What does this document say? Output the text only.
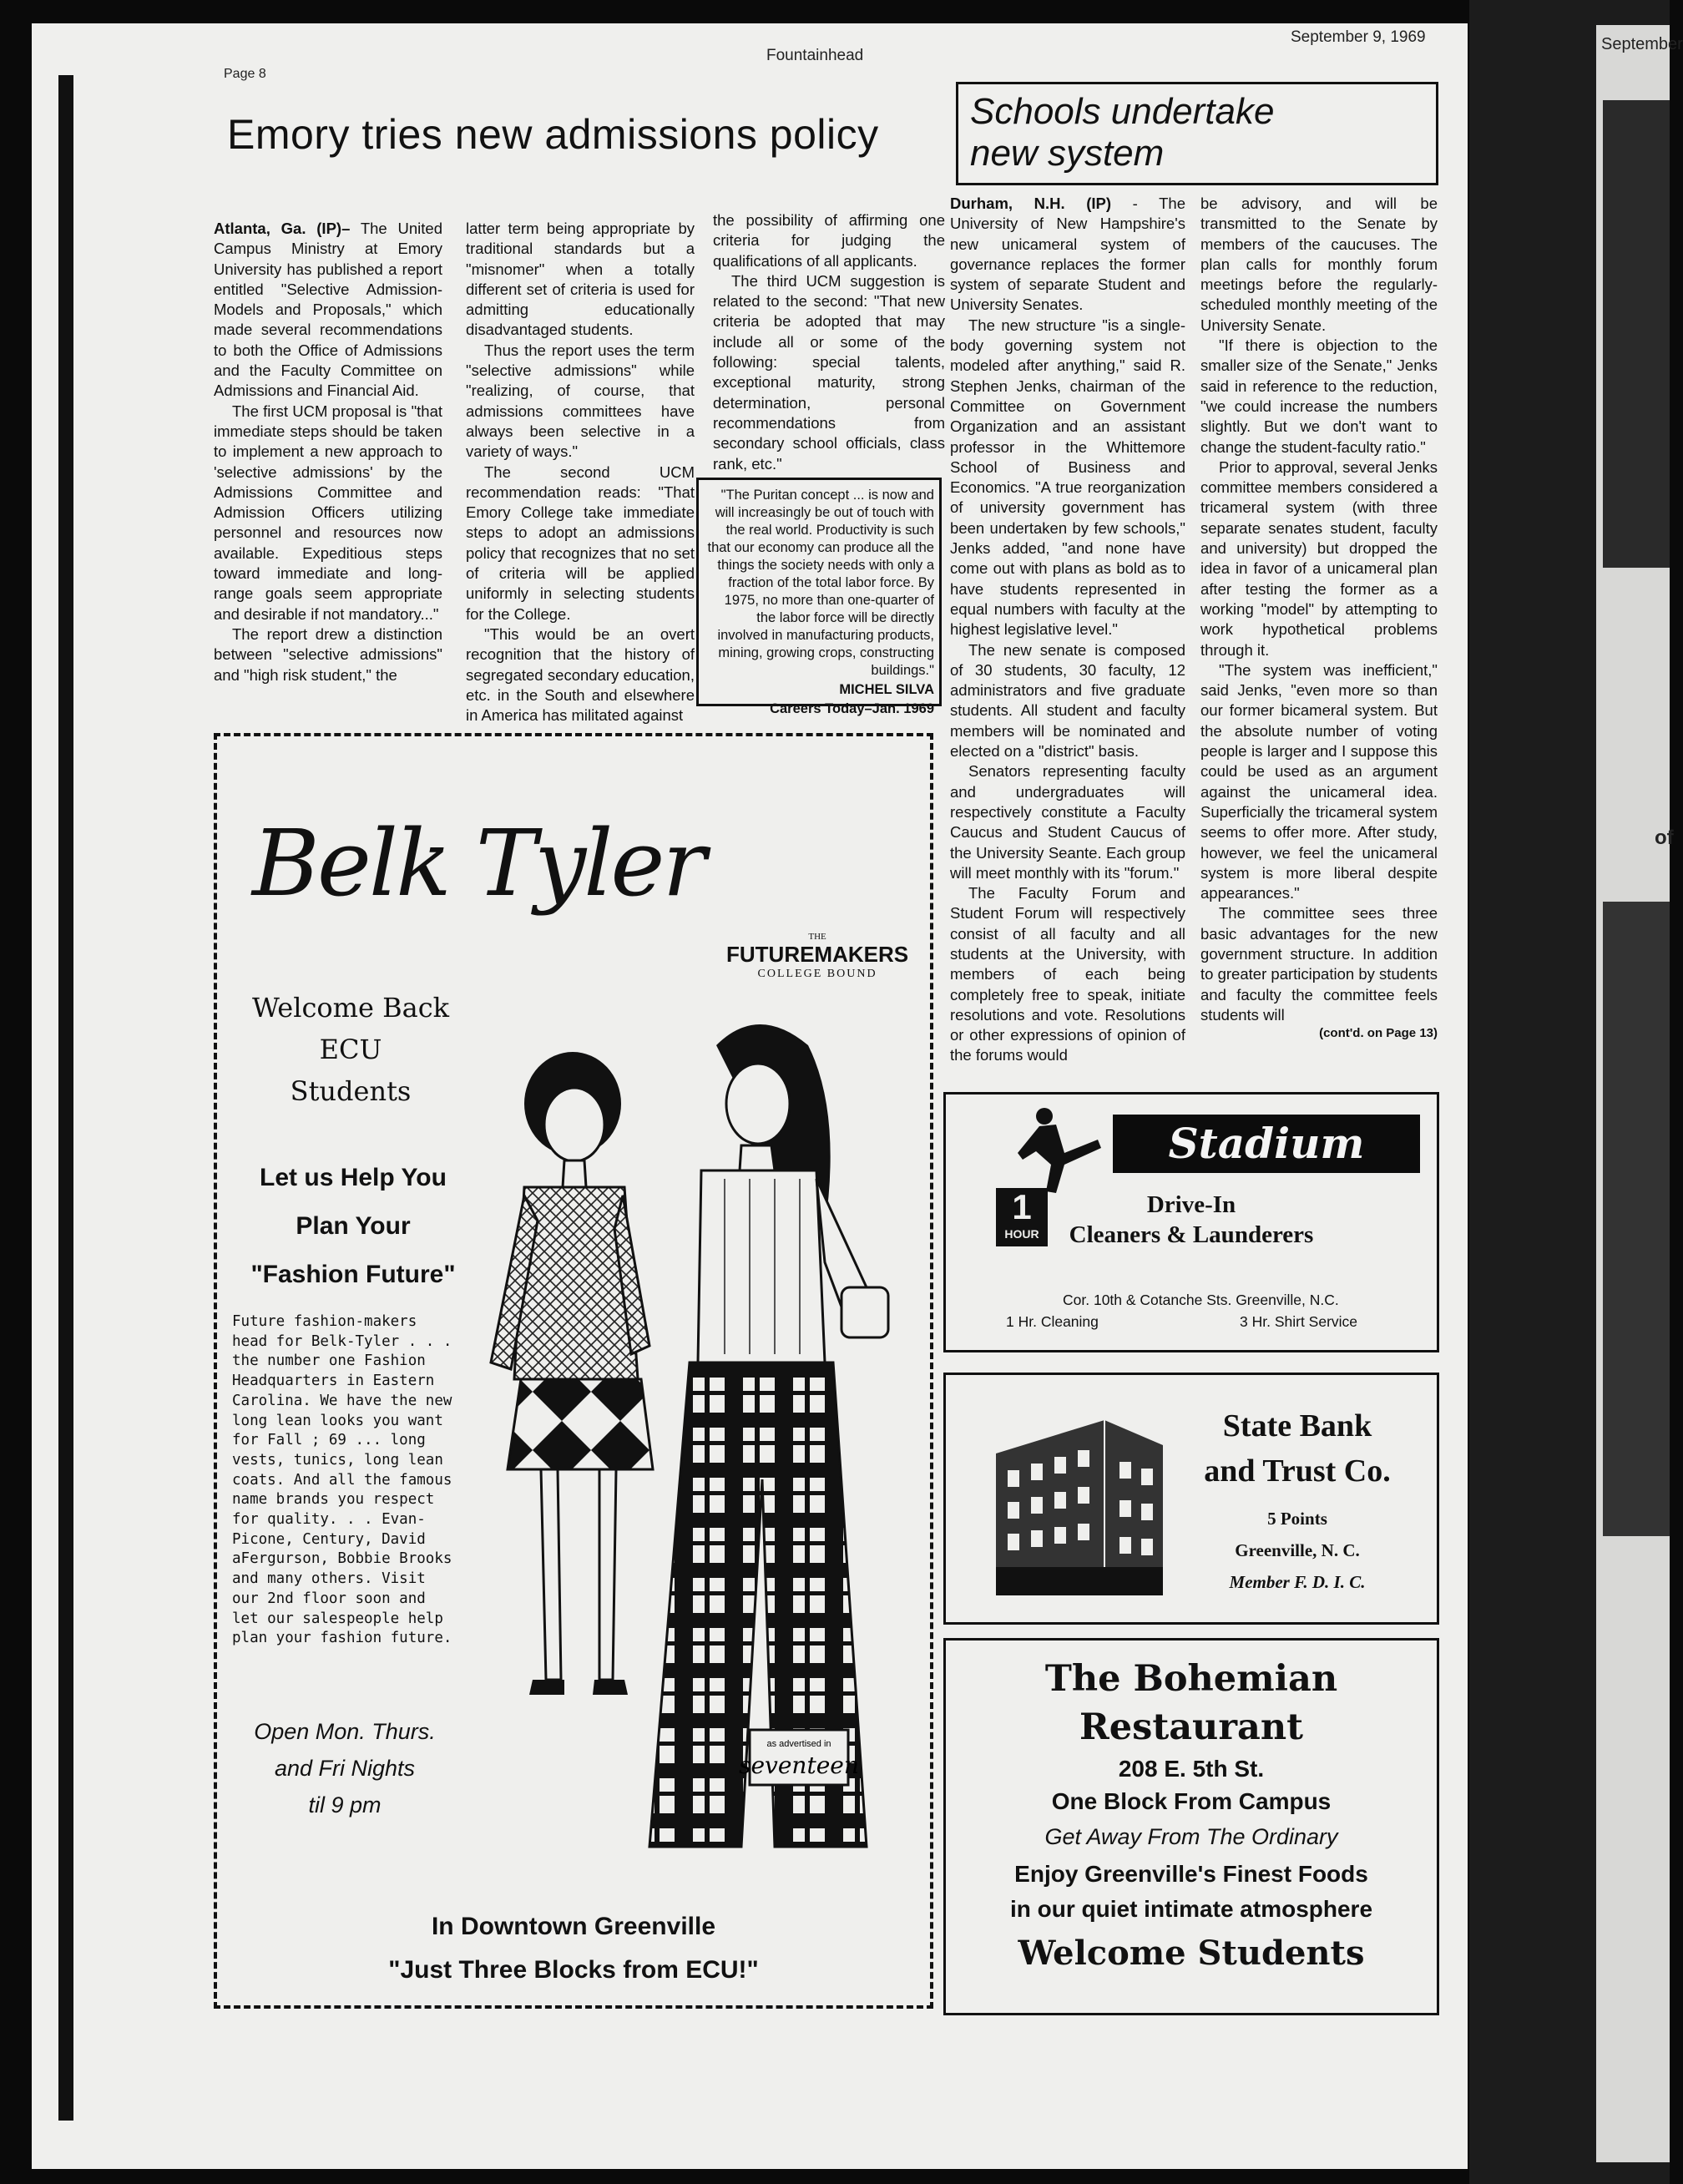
September
of
Page 8
Fountainhead
September 9, 1969
Emory tries new admissions policy

Atlanta, Ga. (IP)– The United Campus Ministry at Emory University has published a report entitled "Selective Admission-Models and Proposals," which made several recommendations to both the Office of Admissions and the Faculty Committee on Admissions and Financial Aid.

The first UCM proposal is "that immediate steps should be taken to implement a new approach to 'selective admissions' by the Admissions Committee and Admission Officers utilizing personnel and resources now available. Expeditious steps toward immediate and long-range goals seem appropriate and desirable if not mandatory..."

The report drew a distinction between "selective admissions" and "high risk student," the

latter term being appropriate by traditional standards but a "misnomer" when a totally different set of criteria is used for admitting educationally disadvantaged students.

Thus the report uses the term "selective admissions" while "realizing, of course, that admissions committees have always been selective in a variety of ways."

The second UCM recommendation reads: "That Emory College take immediate steps to adopt an admissions policy that recognizes that no set of criteria will be applied uniformly in selecting students for the College.

"This would be an overt recognition that the history of segregated secondary education, etc. in the South and elsewhere in America has militated against

the possibility of affirming one criteria for judging the qualifications of all applicants.

The third UCM suggestion is related to the second: "That new criteria be adopted that may include all or some of the following: special talents, exceptional maturity, strong determination, personal recommendations from secondary school officials, class rank, etc."

"The Puritan concept ... is now and will increasingly be out of touch with the real world. Productivity is such that our economy can produce all the things the society needs with only a fraction of the total labor force. By 1975, no more than one-quarter of the labor force will be directly involved in manufacturing products, mining, growing crops, constructing buildings."
MICHEL SILVA
Careers Today–Jan. 1969
Schools undertake
new system

Durham, N.H. (IP) - The University of New Hampshire's new unicameral system of governance replaces the former system of separate Student and University Senates.

The new structure "is a single-body governing system not modeled after anything," said R. Stephen Jenks, chairman of the Committee on Government Organization and an assistant professor in the Whittemore School of Business and Economics. "A true reorganization of university government has been undertaken by few schools," Jenks added, "and none have come out with plans as bold as to have students represented in equal numbers with faculty at the highest legislative level."

The new senate is composed of 30 students, 30 faculty, 12 administrators and five graduate students. All student and faculty members will be nominated and elected on a "district" basis.

Senators representing faculty and undergraduates will respectively constitute a Faculty Caucus and Student Caucus of the University Seante. Each group will meet monthly with its "forum."

The Faculty Forum and Student Forum will respectively consist of all faculty and all students at the University, with members of each being completely free to speak, initiate resolutions and vote. Resolutions or other expressions of opinion of the forums would

be advisory, and will be transmitted to the Senate by members of the caucuses. The plan calls for monthly forum meetings before the regularly-scheduled monthly meeting of the University Senate.

"If there is objection to the smaller size of the Senate," Jenks said in reference to the reduction, "we could increase the numbers slightly. But we don't want to change the student-faculty ratio."

Prior to approval, several Jenks committee members considered a tricameral system (with three separate senates student, faculty and university) but dropped the idea in favor of a unicameral plan after testing the former as a working "model" by attempting to work hypothetical problems through it.

"The system was inefficient," said Jenks, "even more so than our former bicameral system. But the absolute number of voting people is larger and I suppose this could be used as an argument against the unicameral idea. Superficially the tricameral system seems to offer more. After study, however, we feel the unicameral system is more liberal despite appearances."

The committee sees three basic advantages for the new government structure. In addition to greater participation by students and faculty the committee feels students will

(cont'd. on Page 13)
Belk Tyler
THE
FUTUREMAKERS
COLLEGE BOUND
Welcome Back
ECU
Students
Let us Help You
Plan Your
"Fashion Future"
Future fashion-makers head for Belk-Tyler . . . the number one Fashion Headquarters in Eastern Carolina. We have the new long lean looks you want for Fall ; 69 ... long vests, tunics, long lean coats. And all the famous name brands you respect for quality. . . Evan-Picone, Century, David aFergurson, Bobbie Brooks and many others. Visit our 2nd floor soon and let our salespeople help plan your fashion future.
Open Mon. Thurs.
and Fri Nights
til 9 pm
as advertised in
seventeen
In Downtown Greenville
"Just Three Blocks from ECU!"
Stadium
1
HOUR
Drive-In
Cleaners & Launderers
Cor. 10th & Cotanche Sts. Greenville, N.C.
1 Hr. Cleaning	3 Hr. Shirt Service
State Bank
and Trust Co.
5 Points
Greenville, N. C.
Member F. D. I. C.
The Bohemian
Restaurant
208 E. 5th St.
One Block From Campus
Get Away From The Ordinary
Enjoy Greenville's Finest Foods
in our quiet intimate atmosphere
Welcome Students
